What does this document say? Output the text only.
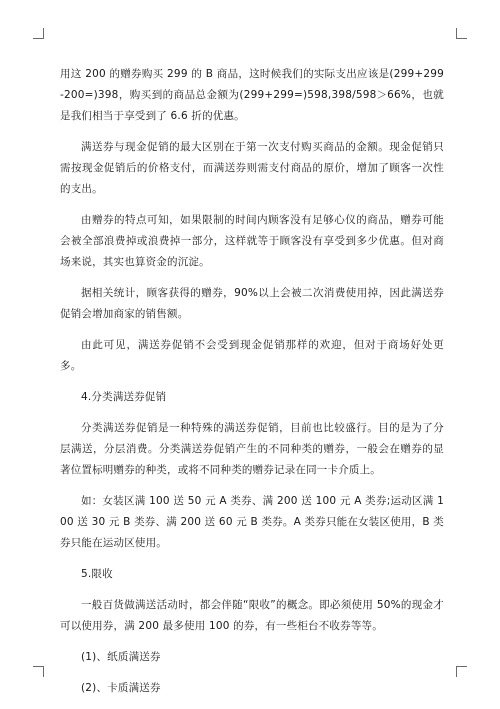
用这 200 的赠券购买 299 的 B 商品，这时候我们的实际支出应该是(299+299-200=)398，购买到的商品总金额为(299+299=)598,398/598＞66%，也就是我们相当于享受到了 6.6 折的优惠。

满送券与现金促销的最大区别在于第一次支付购买商品的金额。现金促销只需按现金促销后的价格支付，而满送券则需支付商品的原价，增加了顾客一次性的支出。

由赠券的特点可知，如果限制的时间内顾客没有足够心仪的商品，赠券可能会被全部浪费掉或浪费掉一部分，这样就等于顾客没有享受到多少优惠。但对商场来说，其实也算资金的沉淀。

据相关统计，顾客获得的赠券，90%以上会被二次消费使用掉，因此满送券促销会增加商家的销售额。

由此可见，满送券促销不会受到现金促销那样的欢迎，但对于商场好处更多。

4.分类满送券促销

分类满送券促销是一种特殊的满送券促销，目前也比较盛行。目的是为了分层满送，分层消费。分类满送券促销产生的不同种类的赠券，一般会在赠券的显著位置标明赠券的种类，或将不同种类的赠券记录在同一卡介质上。

如：女装区满 100 送 50 元 A 类券、满 200 送 100 元 A 类券;运动区满 100 送 30 元 B 类券、满 200 送 60 元 B 类券。A 类券只能在女装区使用，B 类券只能在运动区使用。

5.限收

一般百货做满送活动时，都会伴随“限收”的概念。即必须使用 50%的现金才可以使用券，满 200 最多使用 100 的券，有一些柜台不收券等等。

(1)、纸质满送券

(2)、卡质满送券
